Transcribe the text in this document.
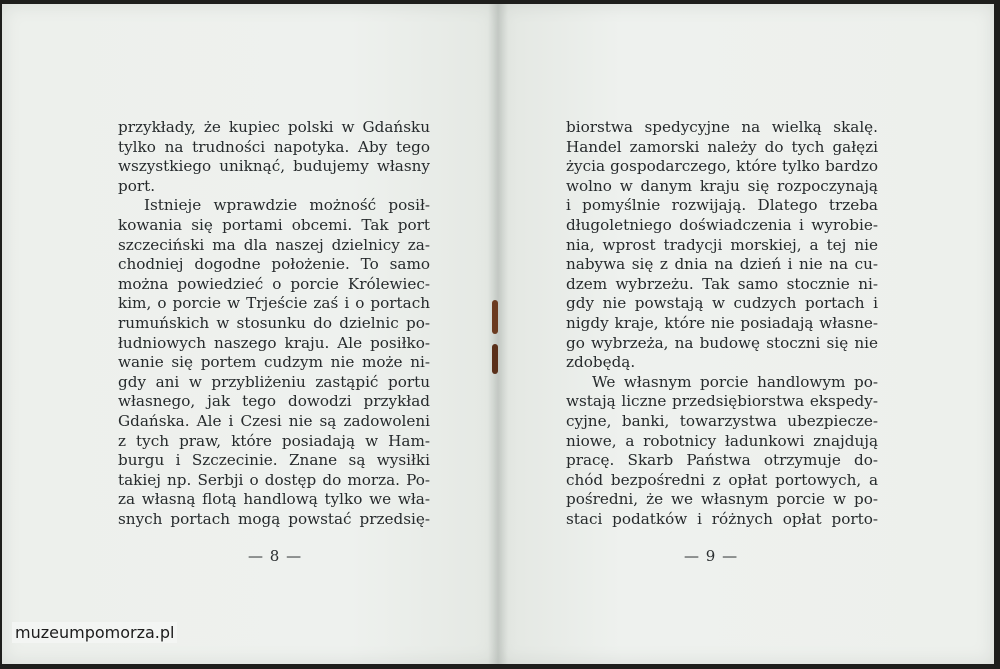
przykłady, że kupiec polski w Gdańsku
tylko na trudności napotyka. Aby tego
wszystkiego uniknąć, budujemy własny
port.
Istnieje wprawdzie możność posił-
kowania się portami obcemi. Tak port
szczeciński ma dla naszej dzielnicy za-
chodniej dogodne położenie. To samo
można powiedzieć o porcie Królewiec-
kim, o porcie w Trjeście zaś i o portach
rumuńskich w stosunku do dzielnic po-
łudniowych naszego kraju. Ale posiłko-
wanie się portem cudzym nie może ni-
gdy ani w przybliżeniu zastąpić portu
własnego, jak tego dowodzi przykład
Gdańska. Ale i Czesi nie są zadowoleni
z tych praw, które posiadają w Ham-
burgu i Szczecinie. Znane są wysiłki
takiej np. Serbji o dostęp do morza. Po-
za własną flotą handlową tylko we wła-
snych portach mogą powstać przedsię-
— 8 —
biorstwa spedycyjne na wielką skalę.
Handel zamorski należy do tych gałęzi
życia gospodarczego, które tylko bardzo
wolno w danym kraju się rozpoczynają
i pomyślnie rozwijają. Dlatego trzeba
długoletniego doświadczenia i wyrobie-
nia, wprost tradycji morskiej, a tej nie
nabywa się z dnia na dzień i nie na cu-
dzem wybrzeżu. Tak samo stocznie ni-
gdy nie powstają w cudzych portach i
nigdy kraje, które nie posiadają własne-
go wybrzeża, na budowę stoczni się nie
zdobędą.
We własnym porcie handlowym po-
wstają liczne przedsiębiorstwa ekspedy-
cyjne, banki, towarzystwa ubezpiecze-
niowe, a robotnicy ładunkowi znajdują
pracę. Skarb Państwa otrzymuje do-
chód bezpośredni z opłat portowych, a
pośredni, że we własnym porcie w po-
staci podatków i różnych opłat porto-
— 9 —
muzeumpomorza.pl
